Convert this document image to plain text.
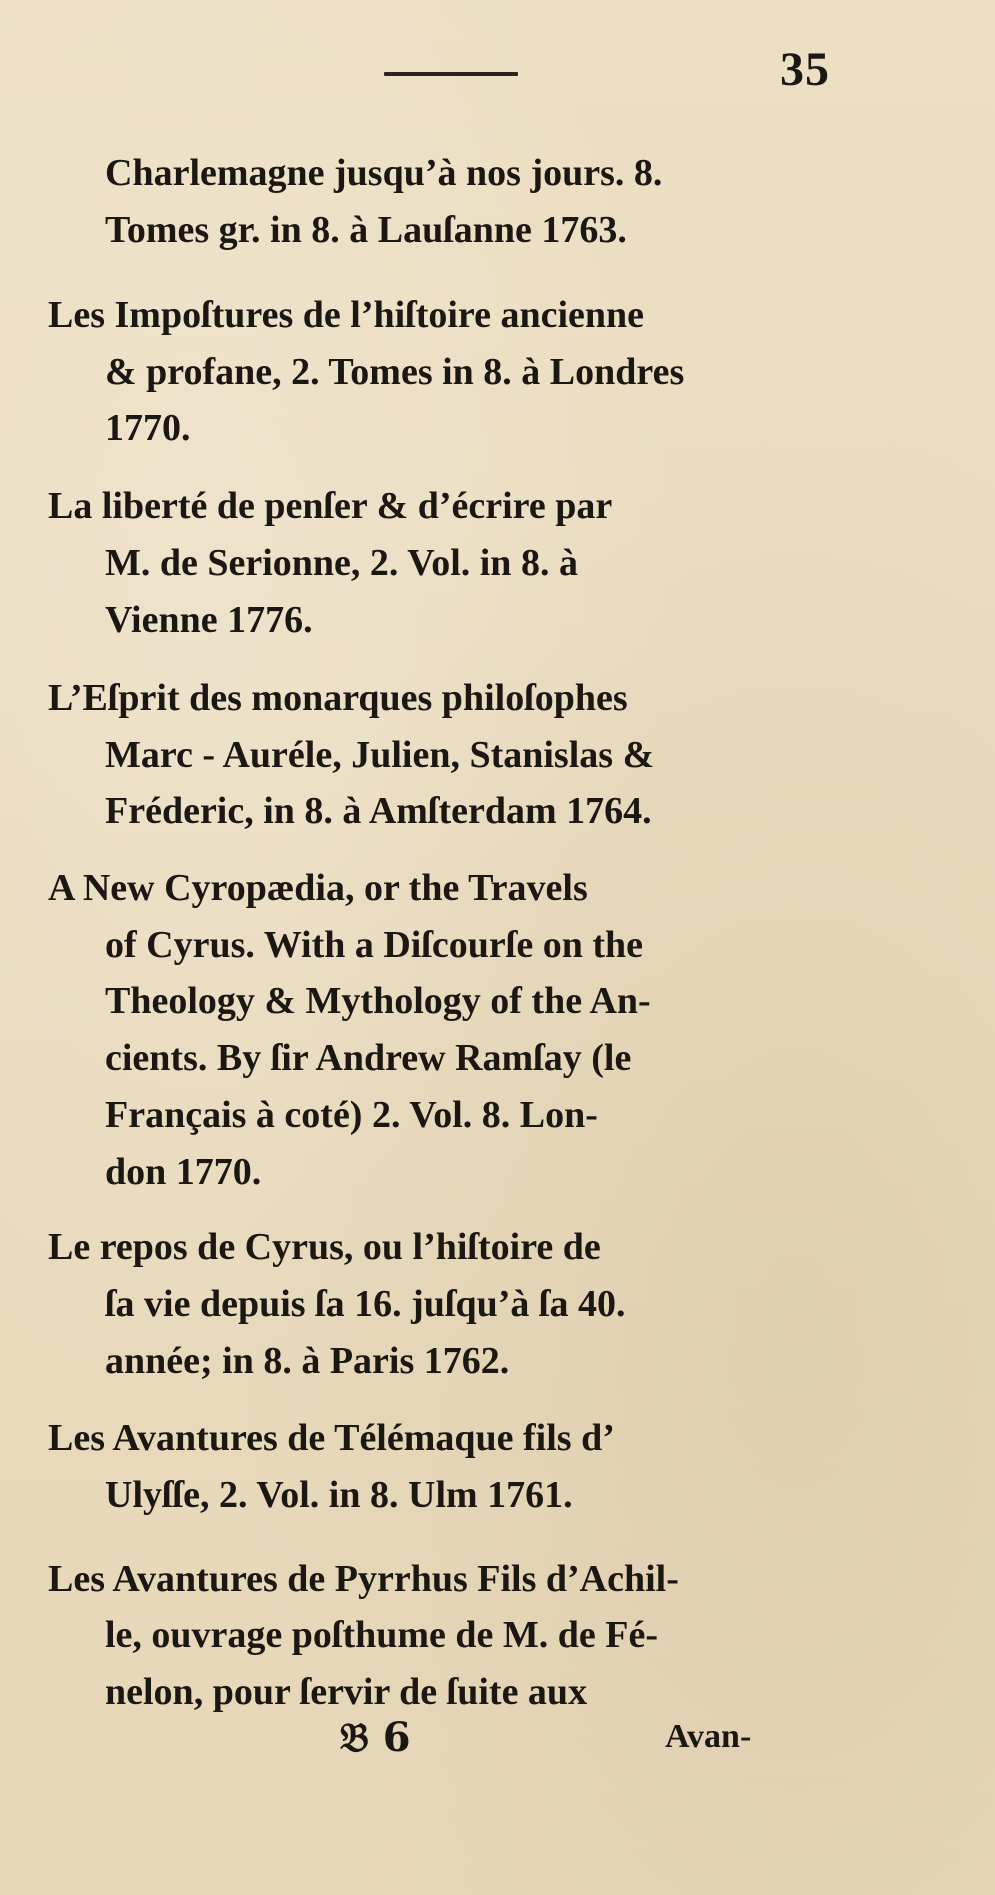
35
Charlemagne jusqu’à nos jours. 8.
Tomes gr. in 8. à Lauſanne 1763.
Les Impoſtures de l’hiſtoire ancienne
& profane, 2. Tomes in 8. à Londres
1770.
La liberté de penſer & d’écrire par
M. de Serionne, 2. Vol. in 8. à
Vienne 1776.
L’Eſprit des monarques philoſophes
Marc - Auréle, Julien, Stanislas &
Fréderic, in 8. à Amſterdam 1764.
A New Cyropædia, or the Travels
of Cyrus. With a Diſcourſe on the
Theology & Mythology of the An-
cients. By ſir Andrew Ramſay (le
Français à coté) 2. Vol. 8. Lon-
don 1770.
Le repos de Cyrus, ou l’hiſtoire de
ſa vie depuis ſa 16. juſqu’à ſa 40.
année; in 8. à Paris 1762.
Les Avantures de Télémaque fils d’
Ulyſſe, 2. Vol. in 8. Ulm 1761.
Les Avantures de Pyrrhus Fils d’Achil-
le, ouvrage poſthume de M. de Fé-
nelon, pour ſervir de ſuite aux
𝔅 6	Avan-
